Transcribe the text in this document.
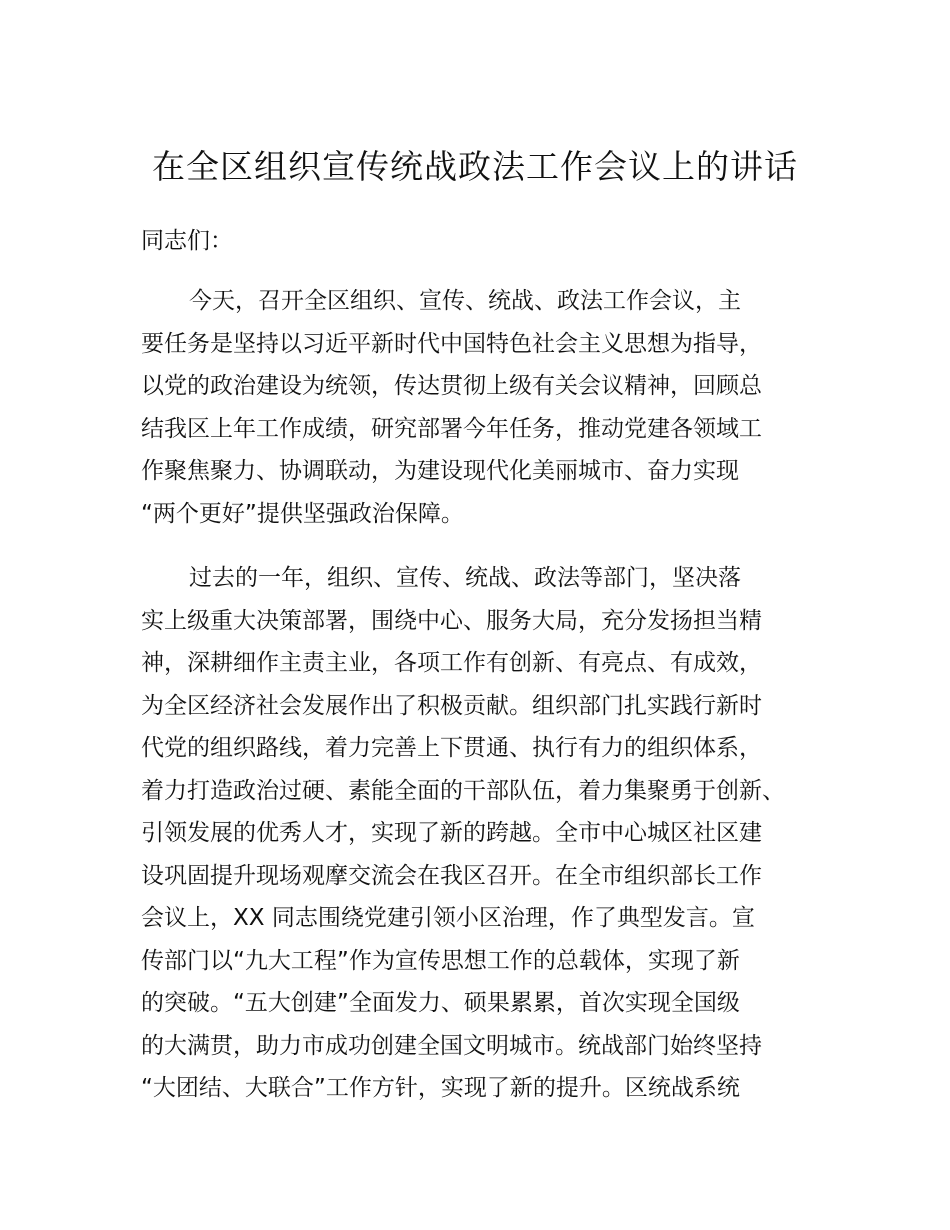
在全区组织宣传统战政法工作会议上的讲话

同志们：

今天，召开全区组织、宣传、统战、政法工作会议，主
要任务是坚持以习近平新时代中国特色社会主义思想为指导，
以党的政治建设为统领，传达贯彻上级有关会议精神，回顾总
结我区上年工作成绩，研究部署今年任务，推动党建各领域工
作聚焦聚力、协调联动，为建设现代化美丽城市、奋力实现
“两个更好”提供坚强政治保障。
过去的一年，组织、宣传、统战、政法等部门，坚决落
实上级重大决策部署，围绕中心、服务大局，充分发扬担当精
神，深耕细作主责主业，各项工作有创新、有亮点、有成效，
为全区经济社会发展作出了积极贡献。组织部门扎实践行新时
代党的组织路线，着力完善上下贯通、执行有力的组织体系，
着力打造政治过硬、素能全面的干部队伍，着力集聚勇于创新、
引领发展的优秀人才，实现了新的跨越。全市中心城区社区建
设巩固提升现场观摩交流会在我区召开。在全市组织部长工作
会议上，XX 同志围绕党建引领小区治理，作了典型发言。宣
传部门以“九大工程”作为宣传思想工作的总载体，实现了新
的突破。“五大创建”全面发力、硕果累累，首次实现全国级
的大满贯，助力市成功创建全国文明城市。统战部门始终坚持
“大团结、大联合”工作方针，实现了新的提升。区统战系统
